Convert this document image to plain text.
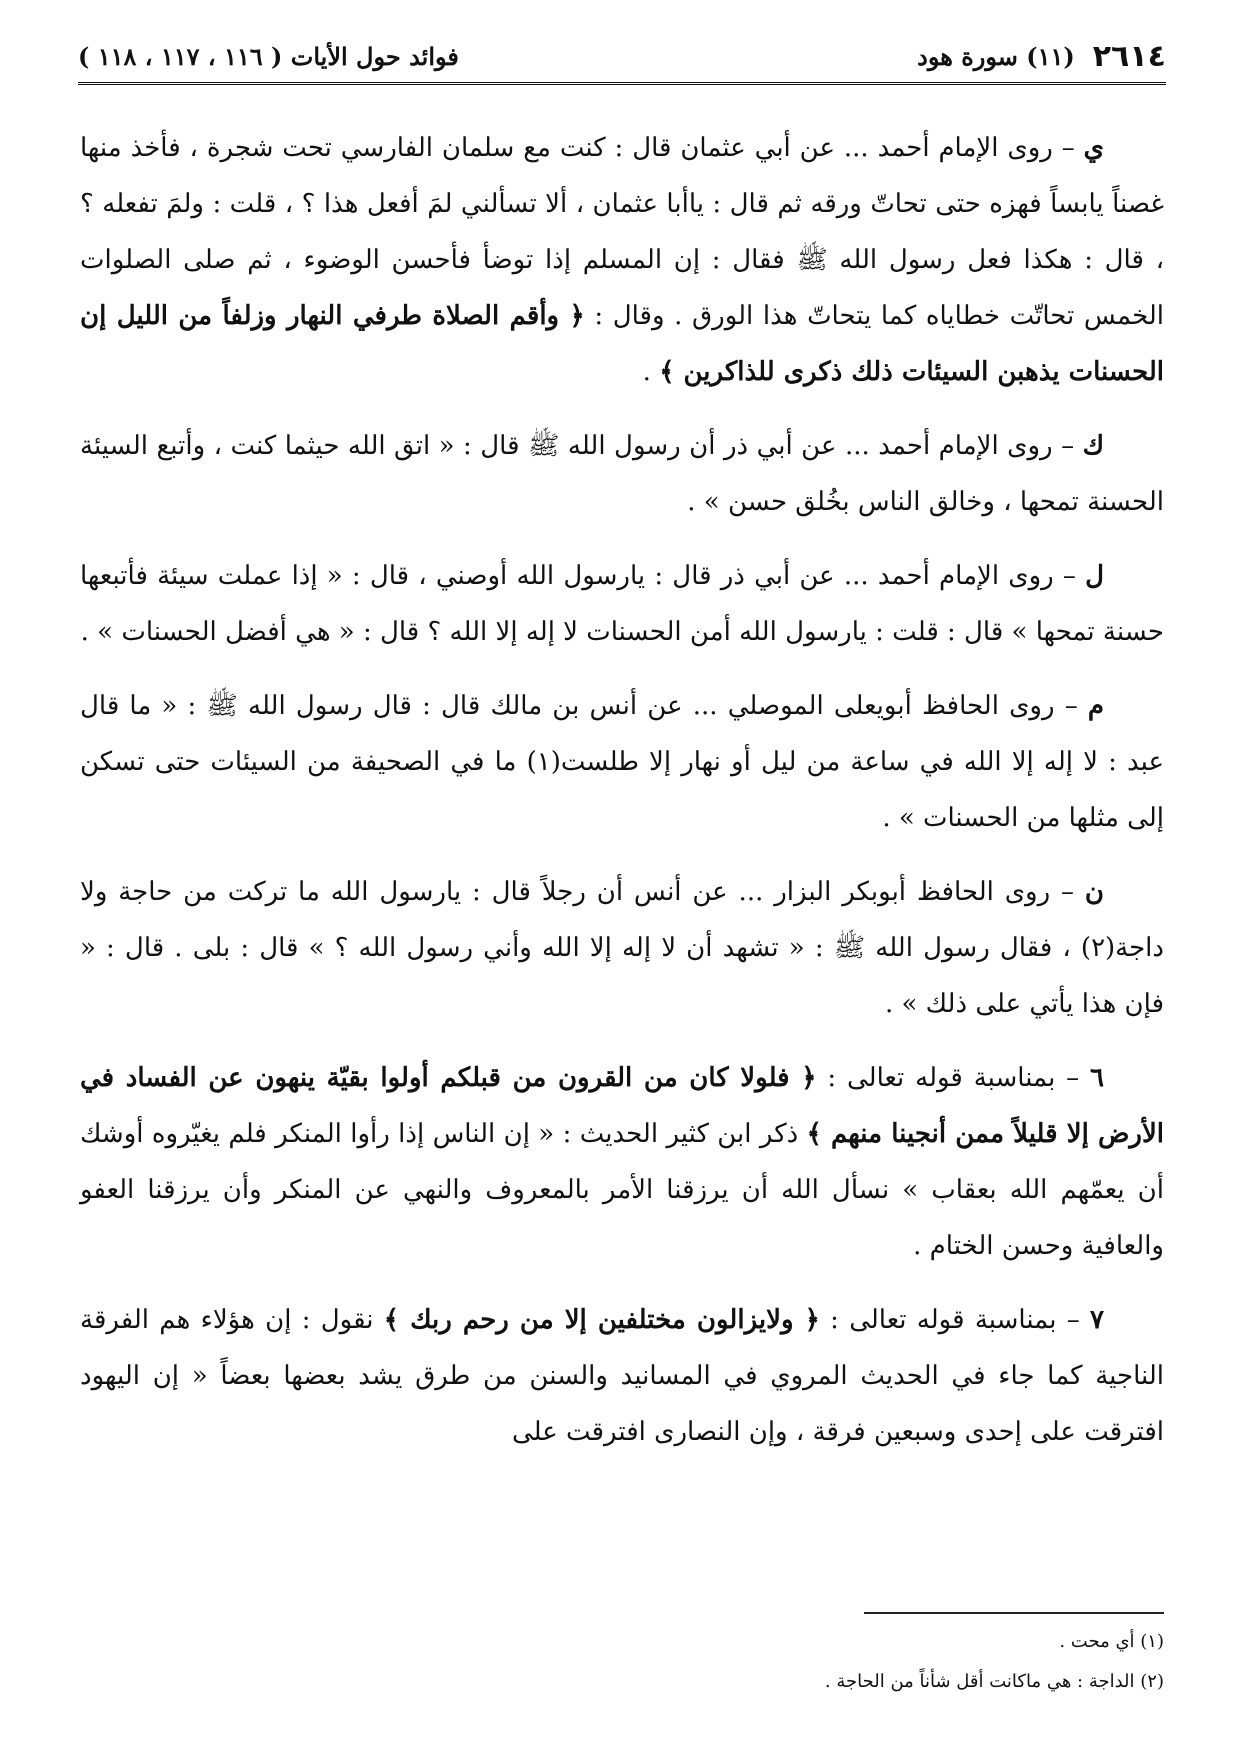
٢٦١٤
(١١) سورة هود
فوائد حول الأيات ( ١١٦ ، ١١٧ ، ١١٨ )

ي – روى الإمام أحمد ... عن أبي عثمان قال : كنت مع سلمان الفارسي تحت شجرة ، فأخذ منها غصناً يابساً فهزه حتى تحاتّ ورقه ثم قال : ياأبا عثمان ، ألا تسألني لمَ أفعل هذا ؟ ، قلت : ولمَ تفعله ؟ ، قال : هكذا فعل رسول الله ﷺ فقال : إن المسلم إذا توضأ فأحسن الوضوء ، ثم صلى الصلوات الخمس تحاتّت خطاياه كما يتحاتّ هذا الورق . وقال : ﴿ وأقم الصلاة طرفي النهار وزلفاً من الليل إن الحسنات يذهبن السيئات ذلك ذكرى للذاكرين ﴾ .

ك – روى الإمام أحمد ... عن أبي ذر أن رسول الله ﷺ قال : « اتق الله حيثما كنت ، وأتبع السيئة الحسنة تمحها ، وخالق الناس بخُلق حسن » .

ل – روى الإمام أحمد ... عن أبي ذر قال : يارسول الله أوصني ، قال : « إذا عملت سيئة فأتبعها حسنة تمحها » قال : قلت : يارسول الله أمن الحسنات لا إله إلا الله ؟ قال : « هي أفضل الحسنات » .

م – روى الحافظ أبويعلى الموصلي ... عن أنس بن مالك قال : قال رسول الله ﷺ : « ما قال عبد : لا إله إلا الله في ساعة من ليل أو نهار إلا طلست(١) ما في الصحيفة من السيئات حتى تسكن إلى مثلها من الحسنات » .

ن – روى الحافظ أبوبكر البزار ... عن أنس أن رجلاً قال : يارسول الله ما تركت من حاجة ولا داجة(٢) ، فقال رسول الله ﷺ : « تشهد أن لا إله إلا الله وأني رسول الله ؟ » قال : بلى . قال : « فإن هذا يأتي على ذلك » .

٦ – بمناسبة قوله تعالى : ﴿ فلولا كان من القرون من قبلكم أولوا بقيّة ينهون عن الفساد في الأرض إلا قليلاً ممن أنجينا منهم ﴾ ذكر ابن كثير الحديث : « إن الناس إذا رأوا المنكر فلم يغيّروه أوشك أن يعمّهم الله بعقاب » نسأل الله أن يرزقنا الأمر بالمعروف والنهي عن المنكر وأن يرزقنا العفو والعافية وحسن الختام .

٧ – بمناسبة قوله تعالى : ﴿ ولايزالون مختلفين إلا من رحم ربك ﴾ نقول : إن هؤلاء هم الفرقة الناجية كما جاء في الحديث المروي في المسانيد والسنن من طرق يشد بعضها بعضاً « إن اليهود افترقت على إحدى وسبعين فرقة ، وإن النصارى افترقت على

(١) أي محت .

(٢) الداجة : هي ماكانت أقل شأناً من الحاجة .
